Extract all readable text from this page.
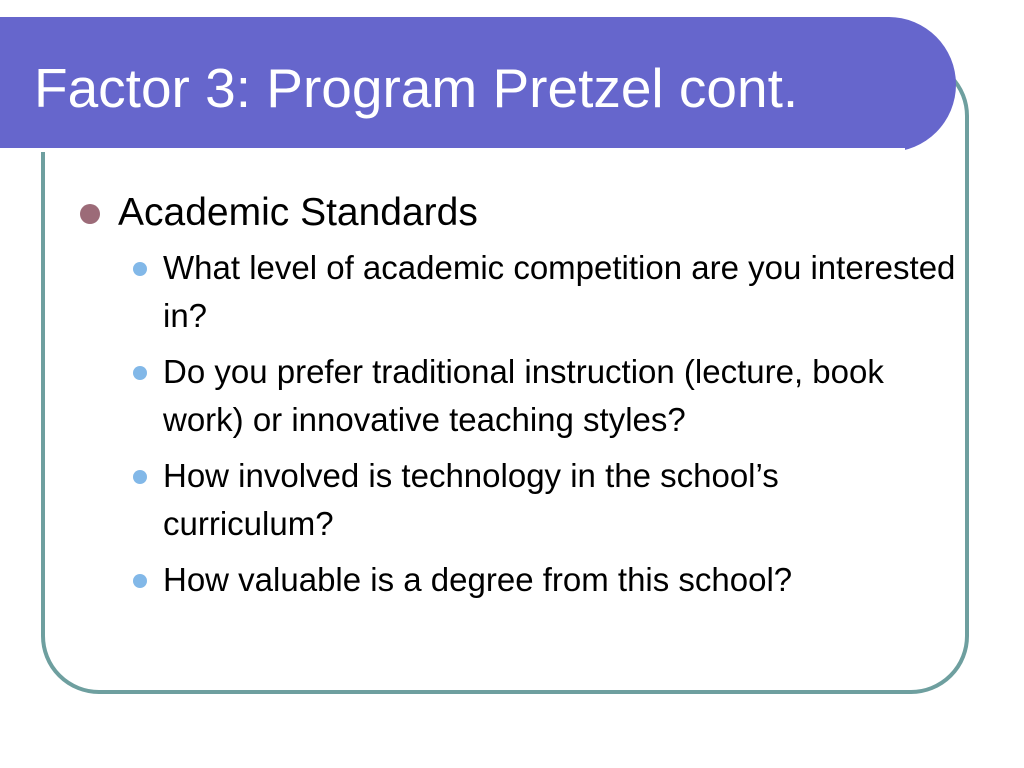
Factor 3: Program Pretzel cont.
Academic Standards
What level of academic competition are you interested in?
Do you prefer traditional instruction (lecture, book work) or innovative teaching styles?
How involved is technology in the school’s curriculum?
How valuable is a degree from this school?
